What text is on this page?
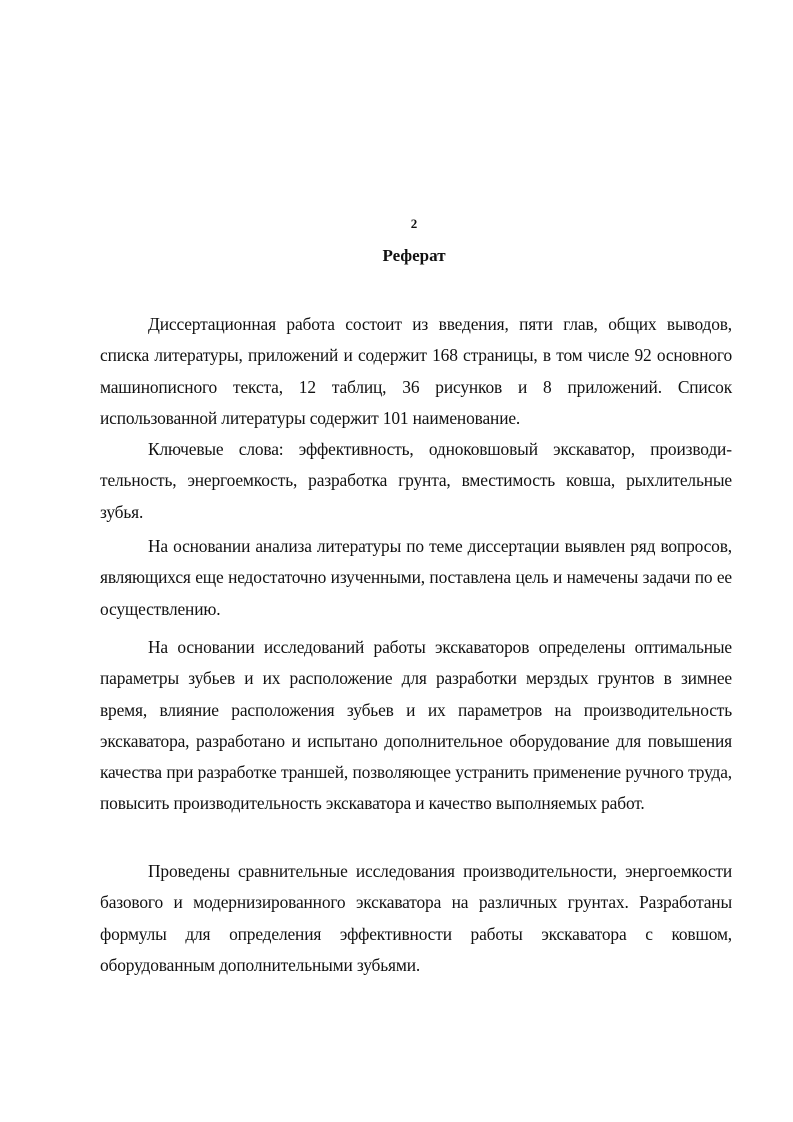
2
Реферат

Диссертационная работа состоит из введения, пяти глав, общих выводов, списка литературы, приложений и содержит 168 страницы, в том числе 92 основного машинописного текста, 12 таблиц, 36 рисунков и 8 приложений. Список использованной литературы содержит 101 наименование.

Ключевые слова: эффективность, одноковшовый экскаватор, производительность, энергоемкость, разработка грунта, вместимость ковша, рыхлительные зубья.

На основании анализа литературы по теме диссертации выявлен ряд вопросов, являющихся еще недостаточно изученными, поставлена цель и намечены задачи по ее осуществлению.

На основании исследований работы экскаваторов определены оптимальные параметры зубьев и их расположение для разработки мерздых грунтов в зимнее время, влияние расположения зубьев и их параметров на производительность экскаватора, разработано и испытано дополнительное оборудование для повышения качества при разработке траншей, позволяющее устранить применение ручного труда, повысить производительность экскаватора и качество выполняемых работ.

Проведены сравнительные исследования производительности, энергоемкости базового и модернизированного экскаватора на различных грунтах. Разработаны формулы для определения эффективности работы экскаватора с ковшом, оборудованным дополнительными зубьями.
